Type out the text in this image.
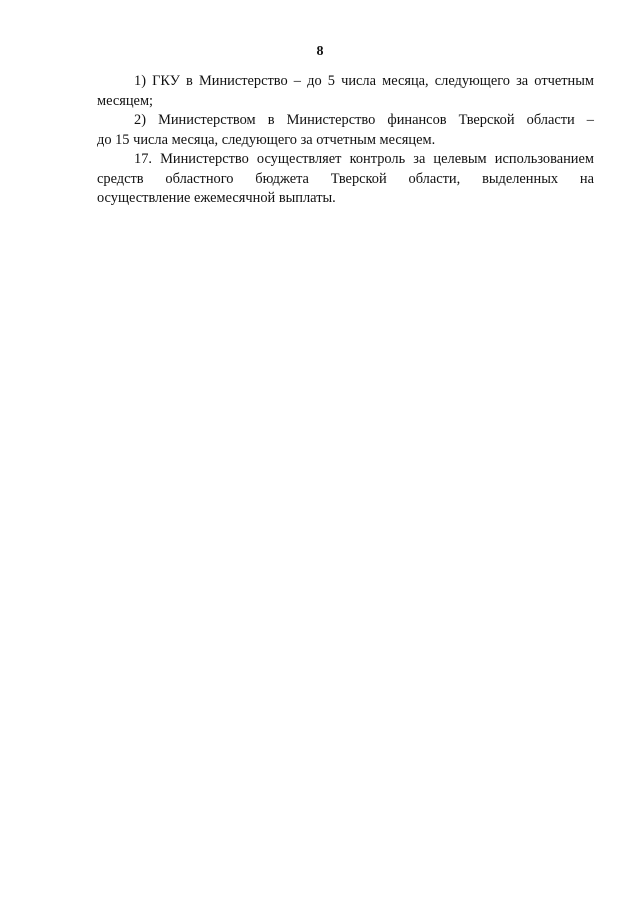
8
1) ГКУ в Министерство – до 5 числа месяца, следующего за отчетным
месяцем;
2) Министерством в Министерство финансов Тверской области –
до 15 числа месяца, следующего за отчетным месяцем.
17. Министерство осуществляет контроль за целевым использованием
средств областного бюджета Тверской области, выделенных на
осуществление ежемесячной выплаты.
